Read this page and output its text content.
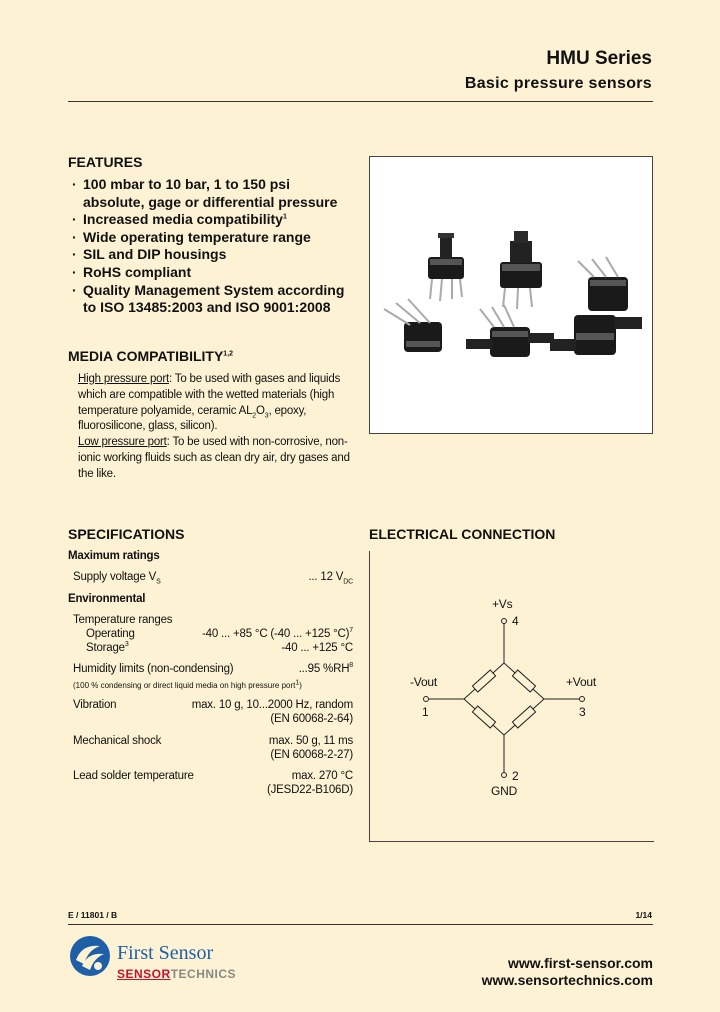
HMU Series
Basic pressure sensors
FEATURES
· 100 mbar to 10 bar, 1 to 150 psi
absolute, gage or differential pressure
· Increased media compatibility$^1$
· Wide operating temperature range
· SIL and DIP housings
· RoHS compliant
· Quality Management System according
to ISO 13485:2003 and ISO 9001:2008
MEDIA COMPATIBILITY$^{1,2}$
High pressure port: To be used with gases and liquids which are compatible with the wetted materials (high temperature polyamide, ceramic $AL_2O_3$, epoxy, fluorosilicone, glass, silicon).
Low pressure port: To be used with non-corrosive, non-ionic working fluids such as clean dry air, dry gases and the like.
SPECIFICATIONS
Maximum ratings
Supply voltage $V_S$	... 12 $V_{DC}$
Environmental
Temperature ranges
Operating	-40 ... +85 °C (-40 ... +125 °C)$^7$
Storage$^3$	-40 ... +125 °C
Humidity limits (non-condensing)	...95 $\%RH^8$
(100 % condensing or direct liquid media on high pressure port$^1$)
Vibration	max. 10 g, 10...2000 Hz, random
(EN 60068-2-64)
Mechanical shock	max. 50 g, 11 ms
(EN 60068-2-27)
Lead solder temperature	max. 270 °C
(JESD22-B106D)
ELECTRICAL CONNECTION
+Vs
4
-Vout
1
+Vout
3
2
GND
E / 11801 / B	1/14
First Sensor
SENSORTECHNICS
www.first-sensor.com
www.sensortechnics.com
